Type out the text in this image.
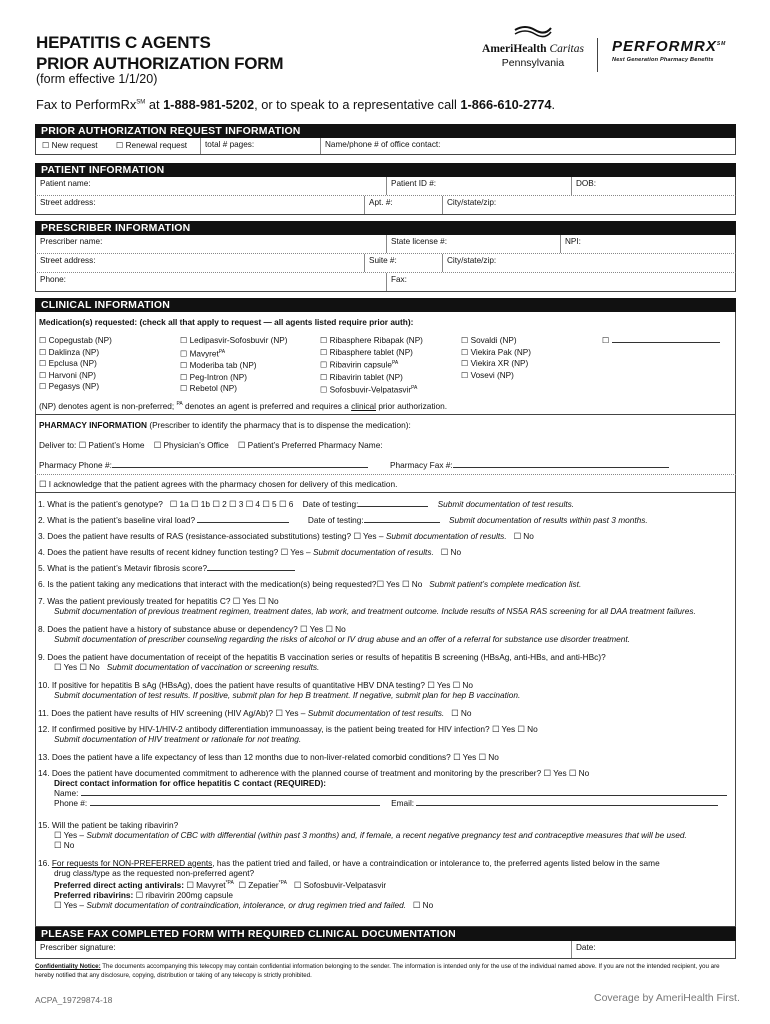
HEPATITIS C AGENTS
PRIOR AUTHORIZATION FORM
(form effective 1/1/20)
AmeriHealth Caritas
Pennsylvania
PERFORMRX℠
Next Generation Pharmacy Benefits
Fax to PerformRx℠ at 1-888-981-5202, or to speak to a representative call 1-866-610-2774.
PRIOR AUTHORIZATION REQUEST INFORMATION
☐ New request	☐ Renewal request	total # pages:	Name/phone # of office contact:
PATIENT INFORMATION
Patient name:	Patient ID #:	DOB:
Street address:	Apt. #:	City/state/zip:
PRESCRIBER INFORMATION
Prescriber name:	State license #:	NPI:
Street address:	Suite #:	City/state/zip:
Phone:	Fax:
CLINICAL INFORMATION
Medication(s) requested: (check all that apply to request — all agents listed require prior auth):
☐ Copegustab (NP)
☐ Daklinza (NP)
☐ Epclusa (NP)
☐ Harvoni (NP)
☐ Pegasys (NP)
☐ Ledipasvir-Sofosbuvir (NP)
☐ Mavyret$^{PA}$
☐ Moderiba tab (NP)
☐ Peg-Intron (NP)
☐ Rebetol (NP)
☐ Ribasphere Ribapak (NP)
☐ Ribasphere tablet (NP)
☐ Ribavirin capsule$^{PA}$
☐ Ribavirin tablet (NP)
☐ Sofosbuvir-Velpatasvir$^{PA}$
☐ Sovaldi (NP)
☐ Viekira Pak (NP)
☐ Viekira XR (NP)
☐ Vosevi (NP)
☐
(NP) denotes agent is non-preferred; $^{PA}$ denotes an agent is preferred and requires a clinical prior authorization.
PHARMACY INFORMATION (Prescriber to identify the pharmacy that is to dispense the medication):
Deliver to: ☐ Patient’s Home ☐ Physician’s Office ☐ Patient’s Preferred Pharmacy Name:
Pharmacy Phone #:	Pharmacy Fax #:
☐ I acknowledge that the patient agrees with the pharmacy chosen for delivery of this medication.
1. What is the patient’s genotype? ☐ 1a ☐ 1b ☐ 2 ☐ 3 ☐ 4 ☐ 5 ☐ 6 Date of testing:	Submit documentation of test results.
2. What is the patient’s baseline viral load?	Date of testing:	Submit documentation of results within past 3 months.
3. Does the patient have results of RAS (resistance-associated substitutions) testing? ☐ Yes – Submit documentation of results. ☐ No
4. Does the patient have results of recent kidney function testing? ☐ Yes – Submit documentation of results. ☐ No
5. What is the patient’s Metavir fibrosis score?
6. Is the patient taking any medications that interact with the medication(s) being requested?☐ Yes ☐ No Submit patient’s complete medication list.
7. Was the patient previously treated for hepatitis C? ☐ Yes ☐ No
Submit documentation of previous treatment regimen, treatment dates, lab work, and treatment outcome. Include results of NS5A RAS screening for all DAA treatment failures.
8. Does the patient have a history of substance abuse or dependency? ☐ Yes ☐ No
Submit documentation of prescriber counseling regarding the risks of alcohol or IV drug abuse and an offer of a referral for substance use disorder treatment.
9. Does the patient have documentation of receipt of the hepatitis B vaccination series or results of hepatitis B screening (HBsAg, anti-HBs, and anti-HBc)?
☐ Yes ☐ No Submit documentation of vaccination or screening results.
10. If positive for hepatitis B sAg (HBsAg), does the patient have results of quantitative HBV DNA testing? ☐ Yes ☐ No
Submit documentation of test results. If positive, submit plan for hep B treatment. If negative, submit plan for hep B vaccination.
11. Does the patient have results of HIV screening (HIV Ag/Ab)? ☐ Yes – Submit documentation of test results. ☐ No
12. If confirmed positive by HIV-1/HIV-2 antibody differentiation immunoassay, is the patient being treated for HIV infection? ☐ Yes ☐ No
Submit documentation of HIV treatment or rationale for not treating.
13. Does the patient have a life expectancy of less than 12 months due to non-liver-related comorbid conditions? ☐ Yes ☐ No
14. Does the patient have documented commitment to adherence with the planned course of treatment and monitoring by the prescriber? ☐ Yes ☐ No
Direct contact information for office hepatitis C contact (REQUIRED):
Name:
Phone #:	Email:
15. Will the patient be taking ribavirin?
☐ Yes – Submit documentation of CBC with differential (within past 3 months) and, if female, a recent negative pregnancy test and contraceptive measures that will be used.
☐ No
16. For requests for NON-PREFERRED agents, has the patient tried and failed, or have a contraindication or intolerance to, the preferred agents listed below in the same
drug class/type as the requested non-preferred agent?
Preferred direct acting antivirals: ☐ Mavyret$^{*PA}$ ☐ Zepatier$^{*PA}$ ☐ Sofosbuvir-Velpatasvir
Preferred ribavirins: ☐ ribavirin 200mg capsule
☐ Yes – Submit documentation of contraindication, intolerance, or drug regimen tried and failed. ☐ No
PLEASE FAX COMPLETED FORM WITH REQUIRED CLINICAL DOCUMENTATION
Prescriber signature:	Date:
Confidentiality Notice: The documents accompanying this telecopy may contain confidential information belonging to the sender. The information is intended only for the use of the individual named above. If you are not the intended recipient, you are hereby notified that any disclosure, copying, distribution or taking of any telecopy is strictly prohibited.
ACPA_19729874-18	Coverage by AmeriHealth First.
